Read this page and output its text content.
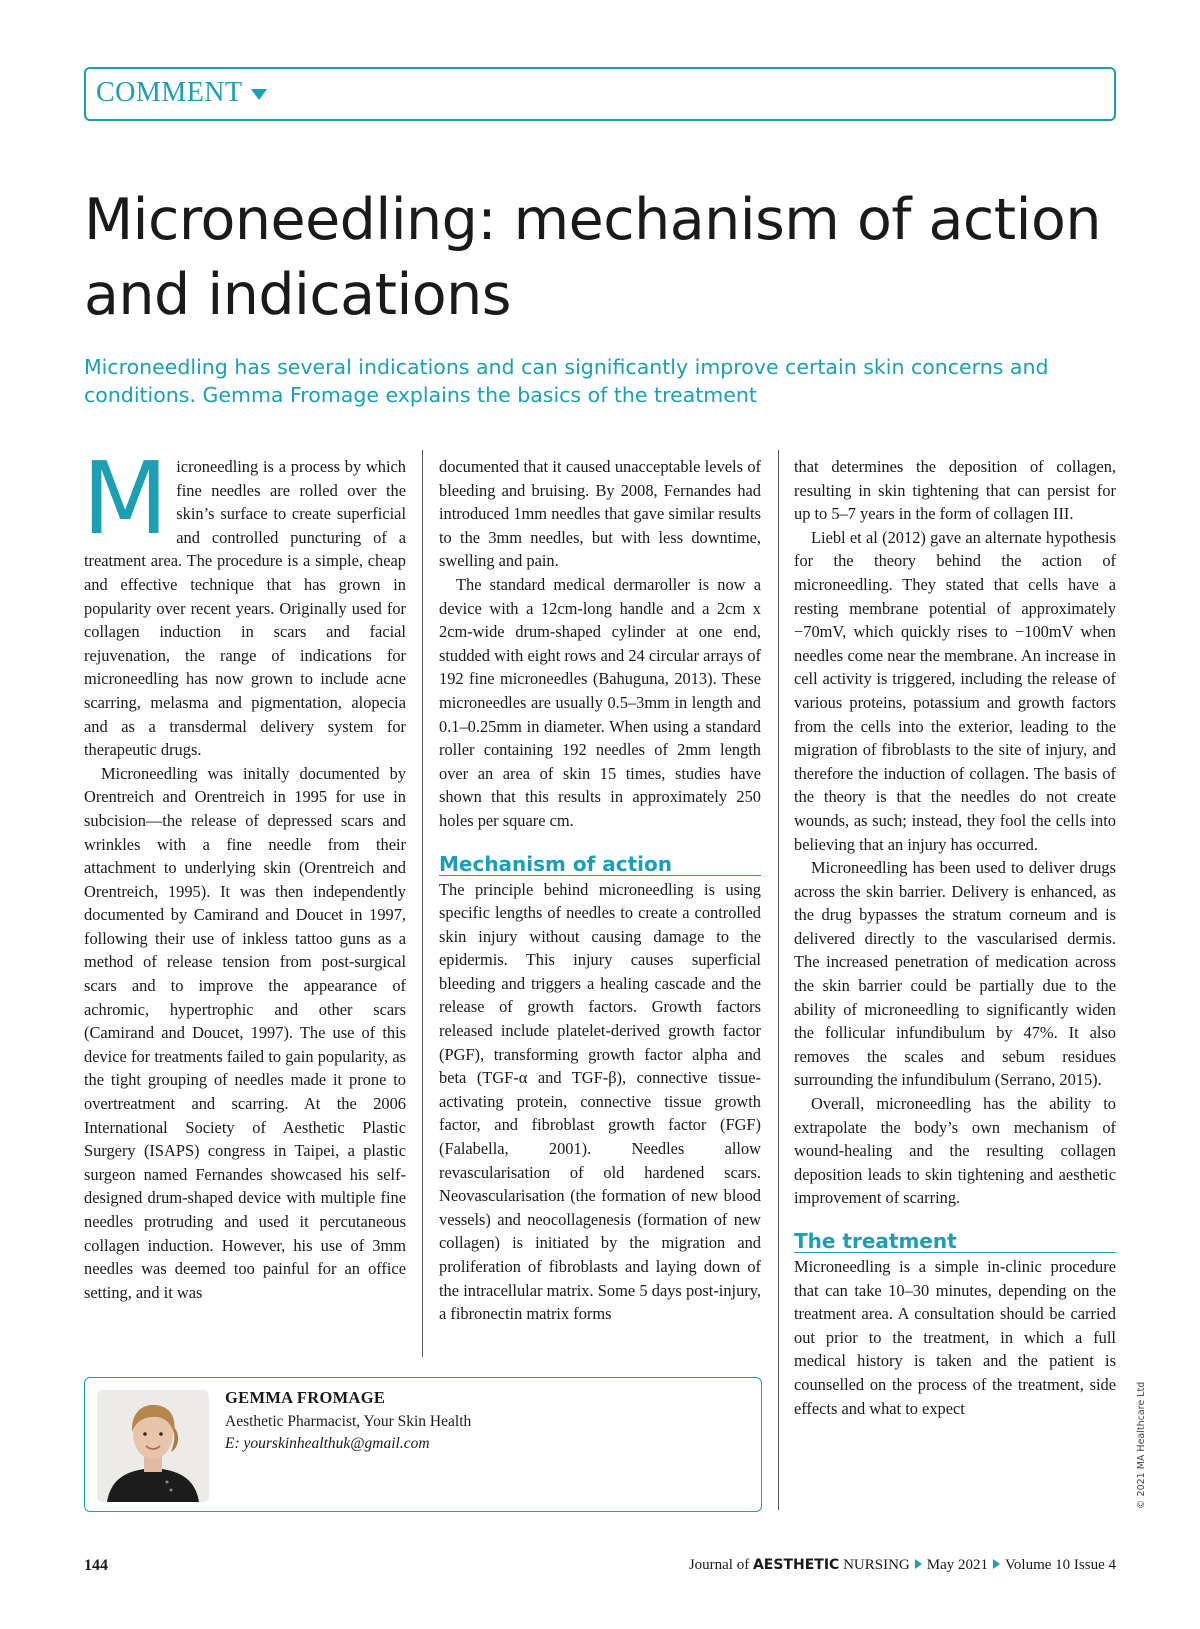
COMMENT
Microneedling: mechanism of action and indications

Microneedling has several indications and can significantly improve certain skin concerns and conditions. Gemma Fromage explains the basics of the treatment

Microneedling is a process by which fine needles are rolled over the skin’s surface to create superficial and controlled puncturing of a treatment area. The procedure is a simple, cheap and effective technique that has grown in popularity over recent years. Originally used for collagen induction in scars and facial rejuvenation, the range of indications for microneedling has now grown to include acne scarring, melasma and pigmentation, alopecia and as a transdermal delivery system for therapeutic drugs.

Microneedling was initally documented by Orentreich and Orentreich in 1995 for use in subcision—the release of depressed scars and wrinkles with a fine needle from their attachment to underlying skin (Orentreich and Orentreich, 1995). It was then independently documented by Camirand and Doucet in 1997, following their use of inkless tattoo guns as a method of release tension from post-surgical scars and to improve the appearance of achromic, hypertrophic and other scars (Camirand and Doucet, 1997). The use of this device for treatments failed to gain popularity, as the tight grouping of needles made it prone to overtreatment and scarring. At the 2006 International Society of Aesthetic Plastic Surgery (ISAPS) congress in Taipei, a plastic surgeon named Fernandes showcased his self-designed drum-shaped device with multiple fine needles protruding and used it percutaneous collagen induction. However, his use of 3mm needles was deemed too painful for an office setting, and it was

documented that it caused unacceptable levels of bleeding and bruising. By 2008, Fernandes had introduced 1mm needles that gave similar results to the 3mm needles, but with less downtime, swelling and pain.

The standard medical dermaroller is now a device with a 12cm-long handle and a 2cm x 2cm-wide drum-shaped cylinder at one end, studded with eight rows and 24 circular arrays of 192 fine microneedles (Bahuguna, 2013). These microneedles are usually 0.5–3mm in length and 0.1–0.25mm in diameter. When using a standard roller containing 192 needles of 2mm length over an area of skin 15 times, studies have shown that this results in approximately 250 holes per square cm.

Mechanism of action

The principle behind microneedling is using specific lengths of needles to create a controlled skin injury without causing damage to the epidermis. This injury causes superficial bleeding and triggers a healing cascade and the release of growth factors. Growth factors released include platelet-derived growth factor (PGF), transforming growth factor alpha and beta (TGF-α and TGF-β), connective tissue-activating protein, connective tissue growth factor, and fibroblast growth factor (FGF) (Falabella, 2001). Needles allow revascularisation of old hardened scars. Neovascularisation (the formation of new blood vessels) and neocollagenesis (formation of new collagen) is initiated by the migration and proliferation of fibroblasts and laying down of the intracellular matrix. Some 5 days post-injury, a fibronectin matrix forms

that determines the deposition of collagen, resulting in skin tightening that can persist for up to 5–7 years in the form of collagen III.

Liebl et al (2012) gave an alternate hypothesis for the theory behind the action of microneedling. They stated that cells have a resting membrane potential of approximately −70mV, which quickly rises to −100mV when needles come near the membrane. An increase in cell activity is triggered, including the release of various proteins, potassium and growth factors from the cells into the exterior, leading to the migration of fibroblasts to the site of injury, and therefore the induction of collagen. The basis of the theory is that the needles do not create wounds, as such; instead, they fool the cells into believing that an injury has occurred.

Microneedling has been used to deliver drugs across the skin barrier. Delivery is enhanced, as the drug bypasses the stratum corneum and is delivered directly to the vascularised dermis. The increased penetration of medication across the skin barrier could be partially due to the ability of microneedling to significantly widen the follicular infundibulum by 47%. It also removes the scales and sebum residues surrounding the infundibulum (Serrano, 2015).

Overall, microneedling has the ability to extrapolate the body’s own mechanism of wound-healing and the resulting collagen deposition leads to skin tightening and aesthetic improvement of scarring.

The treatment

Microneedling is a simple in-clinic procedure that can take 10–30 minutes, depending on the treatment area. A consultation should be carried out prior to the treatment, in which a full medical history is taken and the patient is counselled on the process of the treatment, side effects and what to expect

GEMMA FROMAGE
Aesthetic Pharmacist, Your Skin Health
E: yourskinhealthuk@gmail.com	© 2021 MA Healthcare Ltd
144	Journal of AESTHETIC NURSING May 2021 Volume 10 Issue 4
